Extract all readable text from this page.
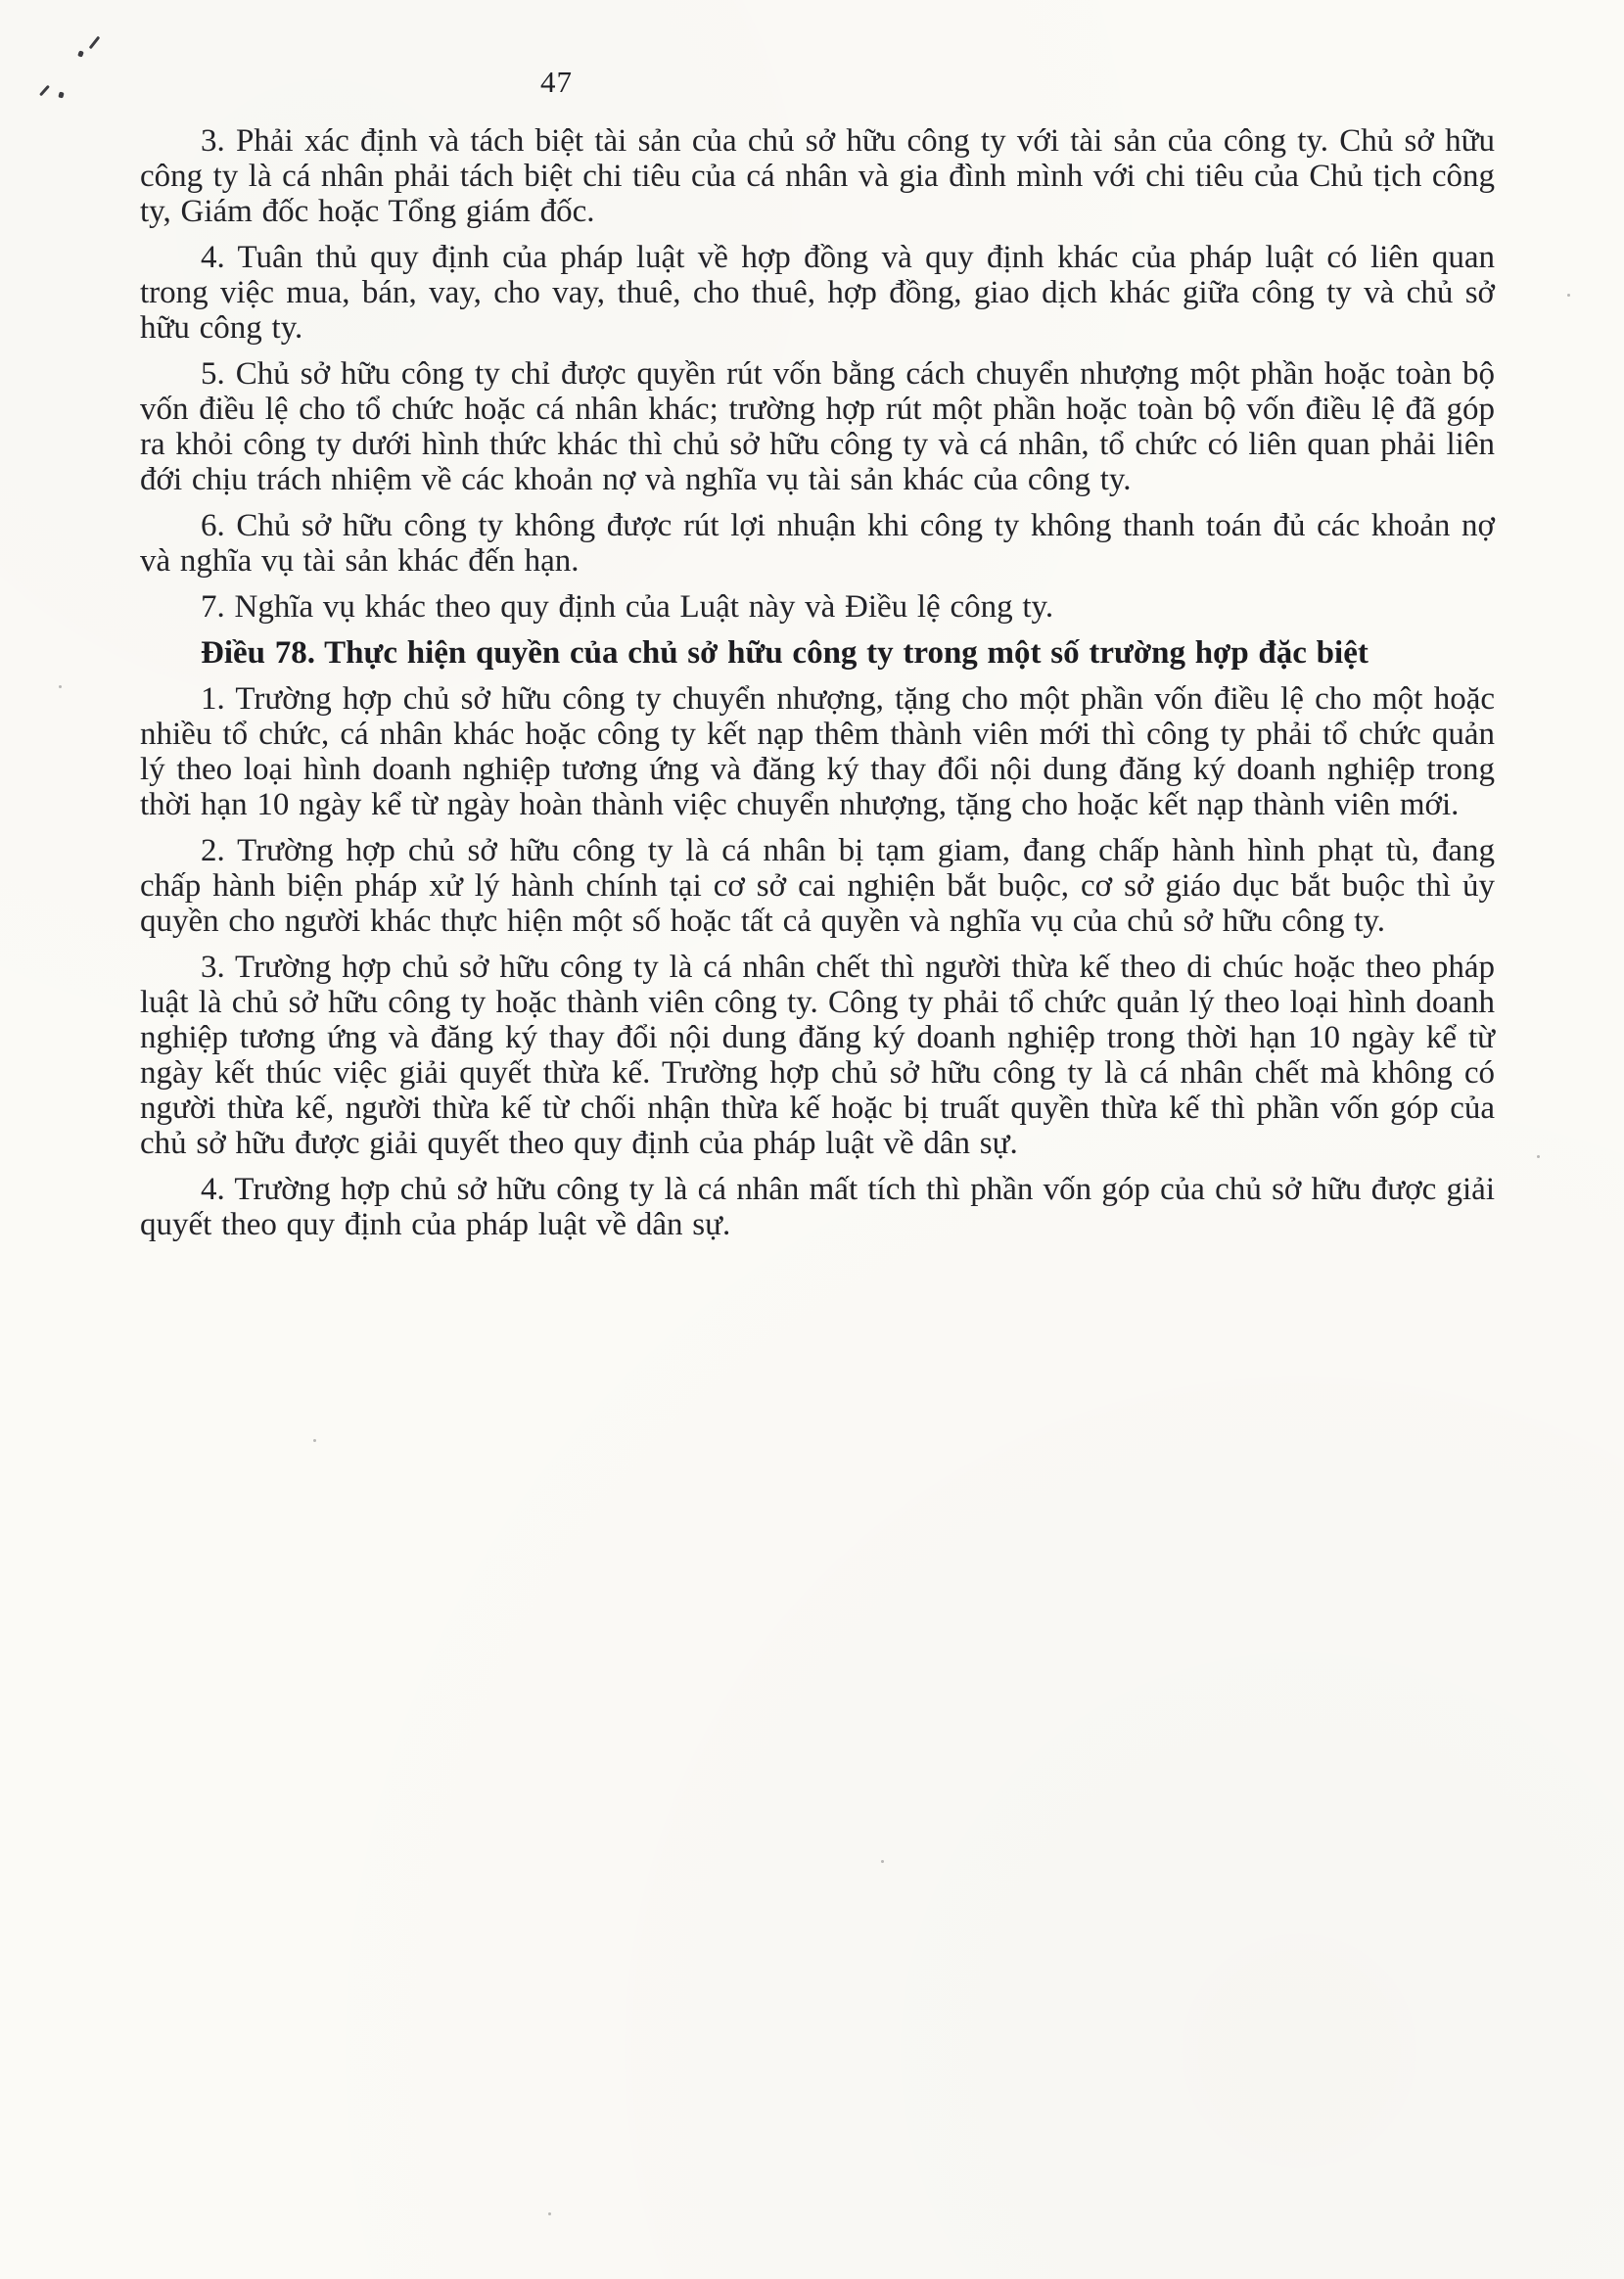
47

3. Phải xác định và tách biệt tài sản của chủ sở hữu công ty với tài sản của công ty. Chủ sở hữu công ty là cá nhân phải tách biệt chi tiêu của cá nhân và gia đình mình với chi tiêu của Chủ tịch công ty, Giám đốc hoặc Tổng giám đốc.

4. Tuân thủ quy định của pháp luật về hợp đồng và quy định khác của pháp luật có liên quan trong việc mua, bán, vay, cho vay, thuê, cho thuê, hợp đồng, giao dịch khác giữa công ty và chủ sở hữu công ty.

5. Chủ sở hữu công ty chỉ được quyền rút vốn bằng cách chuyển nhượng một phần hoặc toàn bộ vốn điều lệ cho tổ chức hoặc cá nhân khác; trường hợp rút một phần hoặc toàn bộ vốn điều lệ đã góp ra khỏi công ty dưới hình thức khác thì chủ sở hữu công ty và cá nhân, tổ chức có liên quan phải liên đới chịu trách nhiệm về các khoản nợ và nghĩa vụ tài sản khác của công ty.

6. Chủ sở hữu công ty không được rút lợi nhuận khi công ty không thanh toán đủ các khoản nợ và nghĩa vụ tài sản khác đến hạn.

7. Nghĩa vụ khác theo quy định của Luật này và Điều lệ công ty.

Điều 78. Thực hiện quyền của chủ sở hữu công ty trong một số trường hợp đặc biệt

1. Trường hợp chủ sở hữu công ty chuyển nhượng, tặng cho một phần vốn điều lệ cho một hoặc nhiều tổ chức, cá nhân khác hoặc công ty kết nạp thêm thành viên mới thì công ty phải tổ chức quản lý theo loại hình doanh nghiệp tương ứng và đăng ký thay đổi nội dung đăng ký doanh nghiệp trong thời hạn 10 ngày kể từ ngày hoàn thành việc chuyển nhượng, tặng cho hoặc kết nạp thành viên mới.

2. Trường hợp chủ sở hữu công ty là cá nhân bị tạm giam, đang chấp hành hình phạt tù, đang chấp hành biện pháp xử lý hành chính tại cơ sở cai nghiện bắt buộc, cơ sở giáo dục bắt buộc thì ủy quyền cho người khác thực hiện một số hoặc tất cả quyền và nghĩa vụ của chủ sở hữu công ty.

3. Trường hợp chủ sở hữu công ty là cá nhân chết thì người thừa kế theo di chúc hoặc theo pháp luật là chủ sở hữu công ty hoặc thành viên công ty. Công ty phải tổ chức quản lý theo loại hình doanh nghiệp tương ứng và đăng ký thay đổi nội dung đăng ký doanh nghiệp trong thời hạn 10 ngày kể từ ngày kết thúc việc giải quyết thừa kế. Trường hợp chủ sở hữu công ty là cá nhân chết mà không có người thừa kế, người thừa kế từ chối nhận thừa kế hoặc bị truất quyền thừa kế thì phần vốn góp của chủ sở hữu được giải quyết theo quy định của pháp luật về dân sự.

4. Trường hợp chủ sở hữu công ty là cá nhân mất tích thì phần vốn góp của chủ sở hữu được giải quyết theo quy định của pháp luật về dân sự.
